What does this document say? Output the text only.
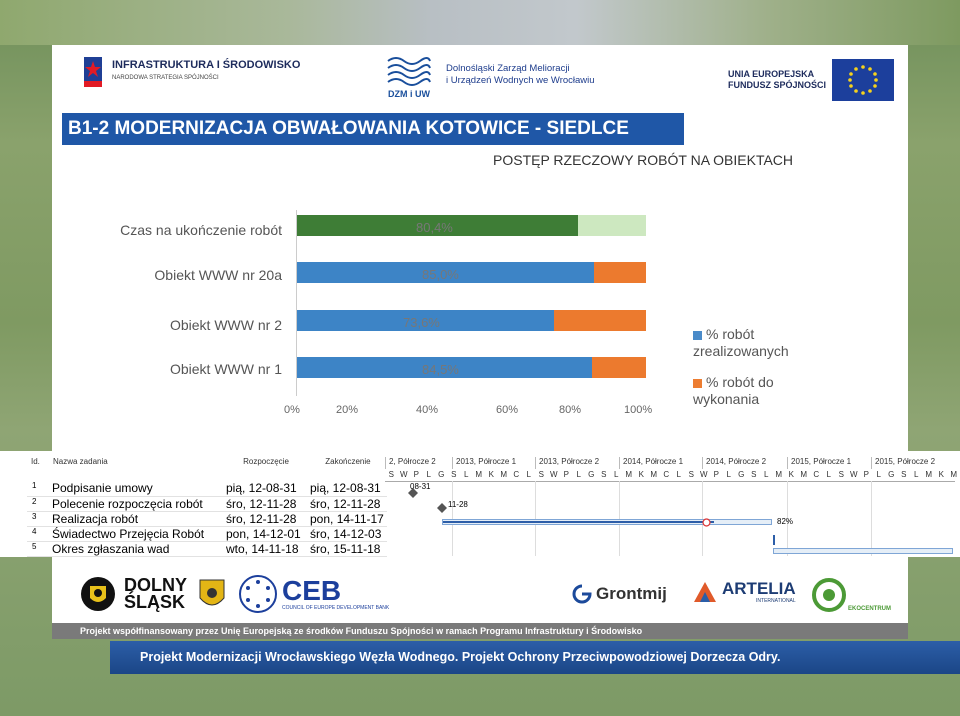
INFRASTRUKTURA I ŚRODOWISKO
NARODOWA STRATEGIA SPÓJNOŚCI
DZM i UW
Dolnośląski Zarząd Melioracji
i Urządzeń Wodnych we Wrocławiu
UNIA EUROPEJSKA
FUNDUSZ SPÓJNOŚCI
B1-2 MODERNIZACJA OBWAŁOWANIA KOTOWICE - SIEDLCE
POSTĘP RZECZOWY ROBÓT NA OBIEKTACH
Czas na ukończenie robót
Obiekt WWW nr 20a
Obiekt WWW nr 2
Obiekt WWW nr 1
80,4%
85,0%
73,6%
84,5%
0%	20%	40%	60%	80%	100%
% robót
zrealizowanych
% robót do
wykonania
Id.	Nazwa zadania	Rozpoczęcie	Zakończenie
1	Podpisanie umowy	pią, 12-08-31	pią, 12-08-31
2	Polecenie rozpoczęcia robót	śro, 12-11-28	śro, 12-11-28
3	Realizacja robót	śro, 12-11-28	pon, 14-11-17
4	Świadectwo Przejęcia Robót	pon, 14-12-01	śro, 14-12-03
5	Okres zgłaszania wad	wto, 14-11-18	śro, 15-11-18
2, Półrocze 2	2013, Półrocze 1	2013, Półrocze 2	2014, Półrocze 1	2014, Półrocze 2	2015, Półrocze 1	2015, Półrocze 2
S W P L G S L M K M C L S W P L G S L M K M C L S W P L G S L M K M C L S W P L G S L M K M
08-31
11-28
82%
DOLNY
ŚLĄSK	CEB
COUNCIL OF EUROPE DEVELOPMENT BANK
Grontmij	ARTELIA
INTERNATIONAL
EKOCENTRUM
Projekt współfinansowany przez Unię Europejską ze środków Funduszu Spójności w ramach Programu Infrastruktury i Środowisko
Projekt Modernizacji Wrocławskiego Węzła Wodnego. Projekt Ochrony Przeciwpowodziowej Dorzecza Odry.
